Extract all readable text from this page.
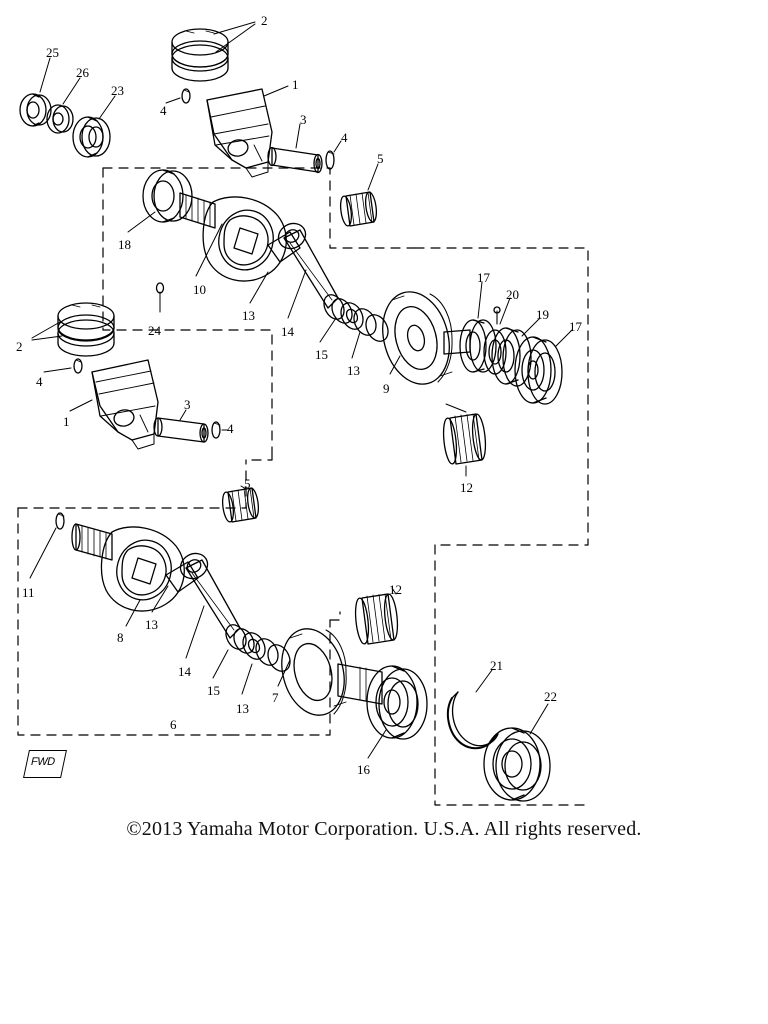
25
26
23
2
1
4
3
4
5
18
10
24
13
14
15
13
9
17
20
19
17
12
2
4
1
3
4
5
11
8
13
14
15
13
7
6
12
16
21
22
FWD
©2013 Yamaha Motor Corporation. U.S.A. All rights reserved.
